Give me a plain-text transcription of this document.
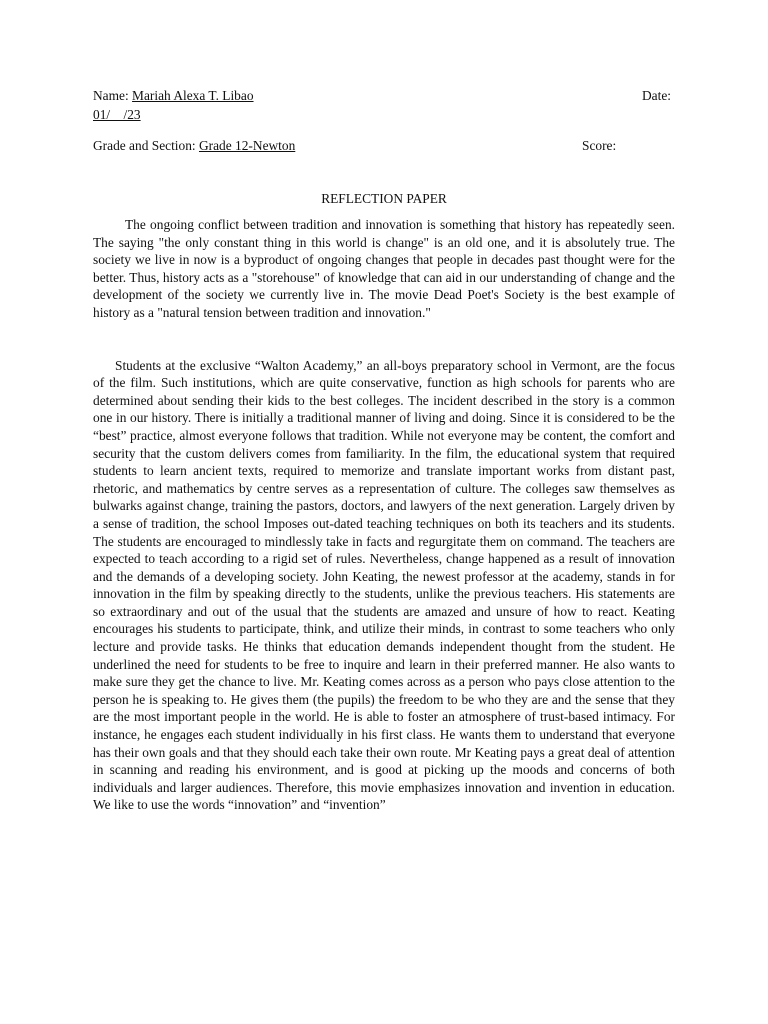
Name: Mariah Alexa T. Libao	Date:
01/    /23
Grade and Section: Grade 12-Newton	Score:
REFLECTION PAPER

The ongoing conflict between tradition and innovation is something that history has repeatedly seen. The saying "the only constant thing in this world is change" is an old one, and it is absolutely true. The society we live in now is a byproduct of ongoing changes that people in decades past thought were for the better. Thus, history acts as a "storehouse" of knowledge that can aid in our understanding of change and the development of the society we currently live in. The movie Dead Poet's Society is the best example of history as a "natural tension between tradition and innovation."

Students at the exclusive “Walton Academy,” an all-boys preparatory school in Vermont, are the focus of the film. Such institutions, which are quite conservative, function as high schools for parents who are determined about sending their kids to the best colleges. The incident described in the story is a common one in our history. There is initially a traditional manner of living and doing. Since it is considered to be the “best” practice, almost everyone follows that tradition. While not everyone may be content, the comfort and security that the custom delivers comes from familiarity. In the film, the educational system that required students to learn ancient texts, required to memorize and translate important works from distant past, rhetoric, and mathematics by centre serves as a representation of culture. The colleges saw themselves as bulwarks against change, training the pastors, doctors, and lawyers of the next generation. Largely driven by a sense of tradition, the school Imposes out-dated teaching techniques on both its teachers and its students. The students are encouraged to mindlessly take in facts and regurgitate them on command. The teachers are expected to teach according to a rigid set of rules. Nevertheless, change happened as a result of innovation and the demands of a developing society. John Keating, the newest professor at the academy, stands in for innovation in the film by speaking directly to the students, unlike the previous teachers. His statements are so extraordinary and out of the usual that the students are amazed and unsure of how to react. Keating encourages his students to participate, think, and utilize their minds, in contrast to some teachers who only lecture and provide tasks. He thinks that education demands independent thought from the student. He underlined the need for students to be free to inquire and learn in their preferred manner. He also wants to make sure they get the chance to live. Mr. Keating comes across as a person who pays close attention to the person he is speaking to. He gives them (the pupils) the freedom to be who they are and the sense that they are the most important people in the world. He is able to foster an atmosphere of trust-based intimacy. For instance, he engages each student individually in his first class. He wants them to understand that everyone has their own goals and that they should each take their own route. Mr Keating pays a great deal of attention in scanning and reading his environment, and is good at picking up the moods and concerns of both individuals and larger audiences. Therefore, this movie emphasizes innovation and invention in education. We like to use the words “innovation” and “invention”
